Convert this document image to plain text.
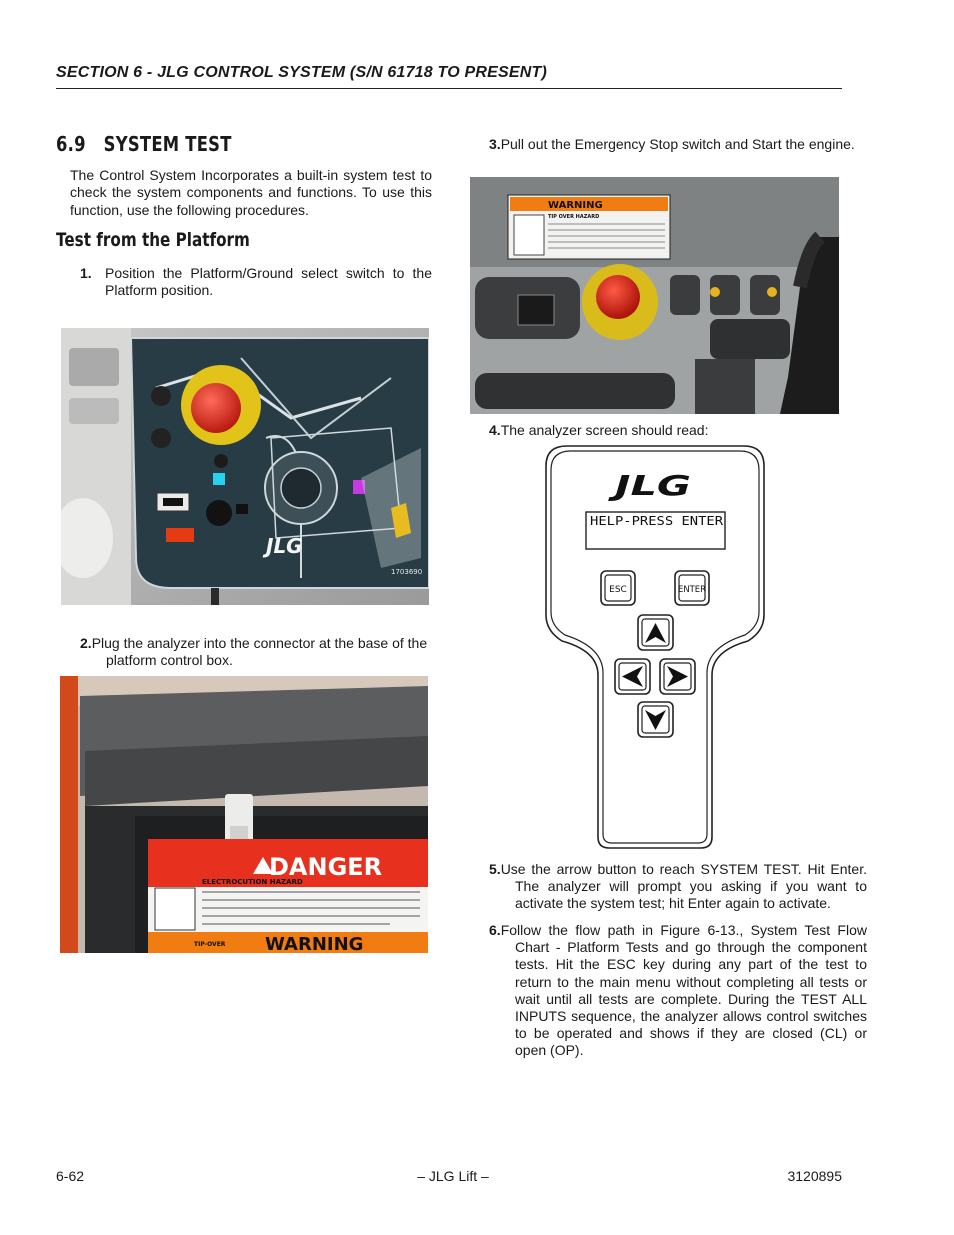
SECTION 6 - JLG CONTROL SYSTEM (S/N 61718 TO PRESENT)
6.9   SYSTEM TEST
The Control System Incorporates a built-in system test to check the system components and functions. To use this function, use the following procedures.
Test from the Platform
1. Position the Platform/Ground select switch to the Platform position.
JLG
1703690
2.Plug the analyzer into the connector at the base of the platform control box.
DANGER
ELECTROCUTION HAZARD
WARNING
TIP-OVER
3.Pull out the Emergency Stop switch and Start the engine.
WARNING
TIP OVER HAZARD
4.The analyzer screen should read:
JLG
HELP-PRESS ENTER
ESC	ENTER
5.Use the arrow button to reach SYSTEM TEST. Hit Enter. The analyzer will prompt you asking if you want to activate the system test; hit Enter again to activate.
6.Follow the flow path in Figure 6-13., System Test Flow Chart - Platform Tests and go through the component tests. Hit the ESC key during any part of the test to return to the main menu without completing all tests or wait until all tests are complete. During the TEST ALL INPUTS sequence, the analyzer allows control switches to be operated and shows if they are closed (CL) or open (OP).
6-62	– JLG Lift –	3120895
